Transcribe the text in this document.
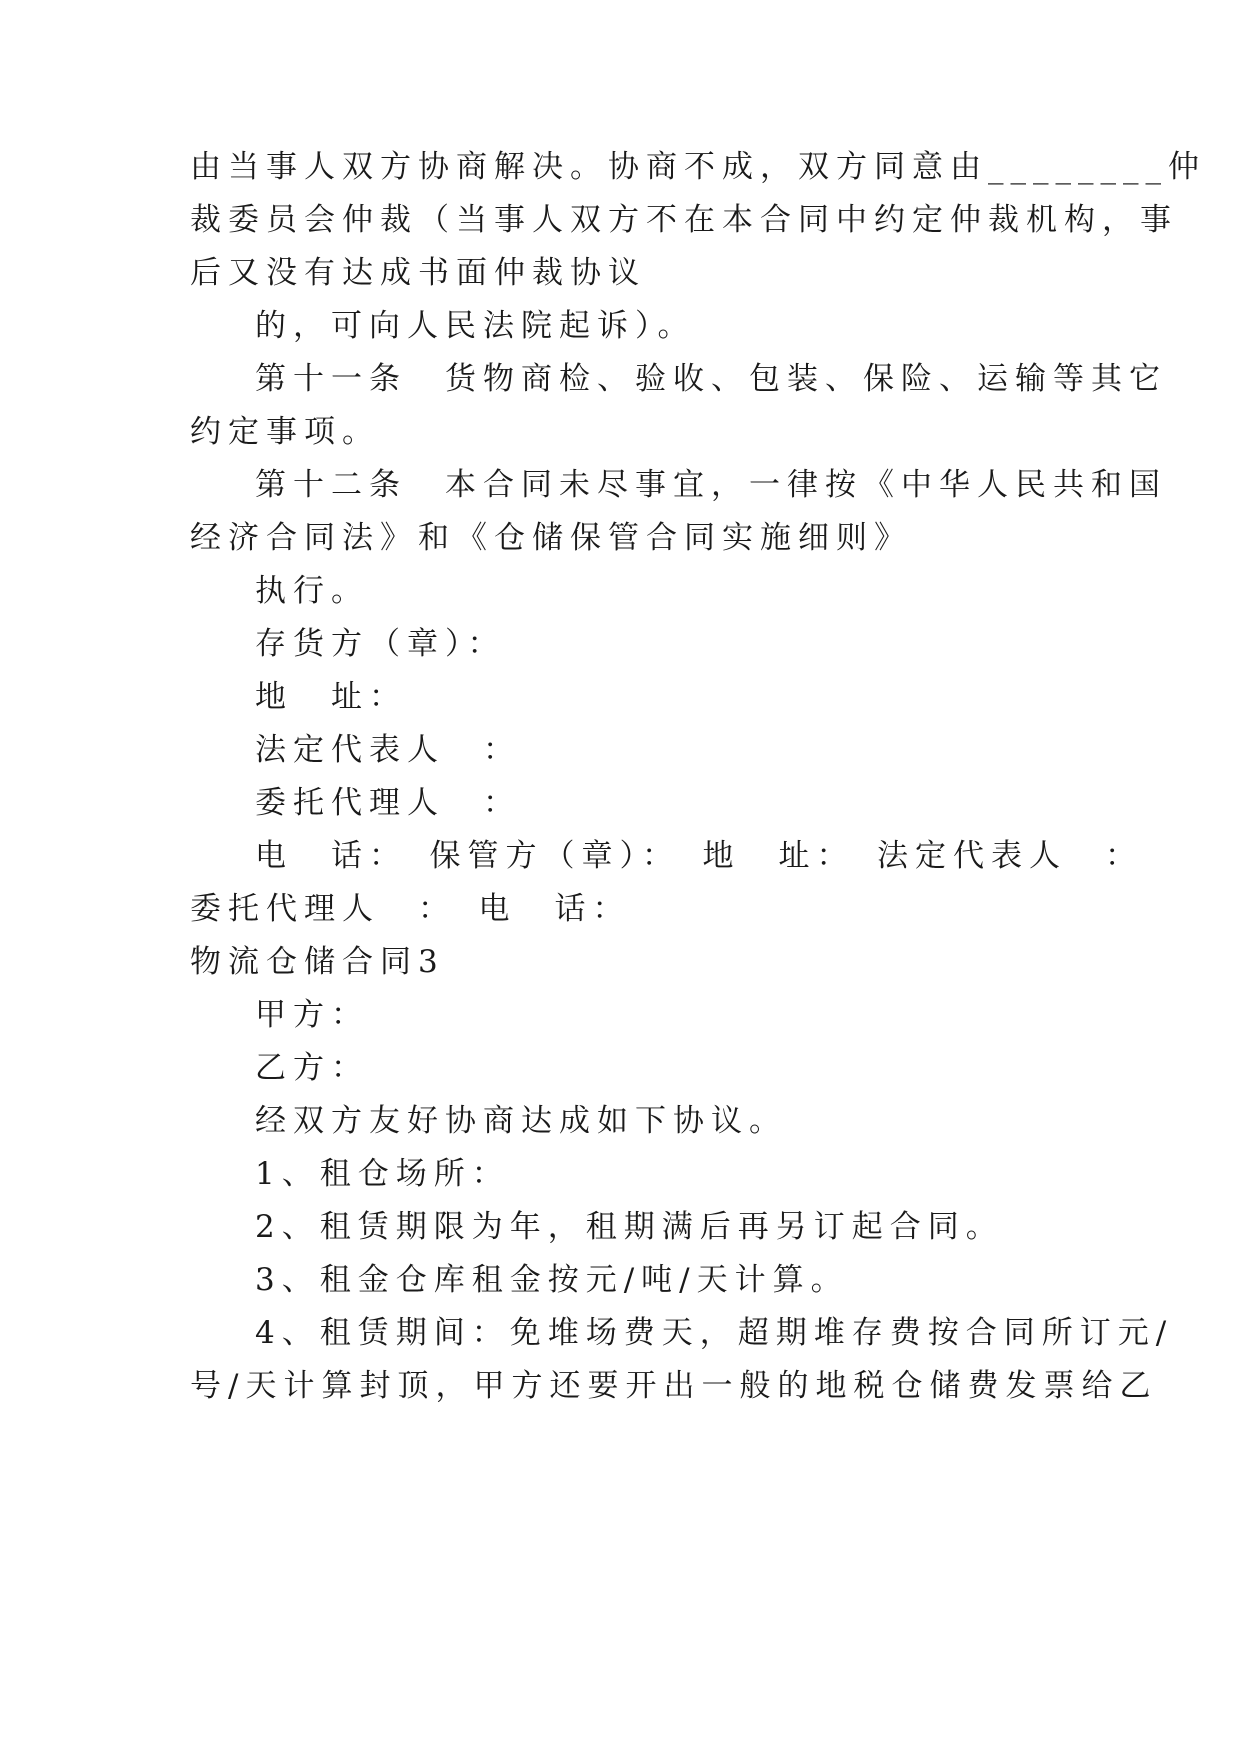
由当事人双方协商解决。协商不成，双方同意由________仲
裁委员会仲裁（当事人双方不在本合同中约定仲裁机构，事
后又没有达成书面仲裁协议
的，可向人民法院起诉）。
第十一条　货物商检、验收、包装、保险、运输等其它
约定事项。
第十二条　本合同未尽事宜，一律按《中华人民共和国
经济合同法》和《仓储保管合同实施细则》
执行。
存货方（章）：
地　址：
法定代表人　：
委托代理人　：
电　话：　保管方（章）：　地　址：　法定代表人　：
委托代理人　：　电　话：
物流仓储合同3
甲方：
乙方：
经双方友好协商达成如下协议。
1、租仓场所：
2、租赁期限为年，租期满后再另订起合同。
3、租金仓库租金按元/吨/天计算。
4、租赁期间：免堆场费天，超期堆存费按合同所订元/
号/天计算封顶，甲方还要开出一般的地税仓储费发票给乙
